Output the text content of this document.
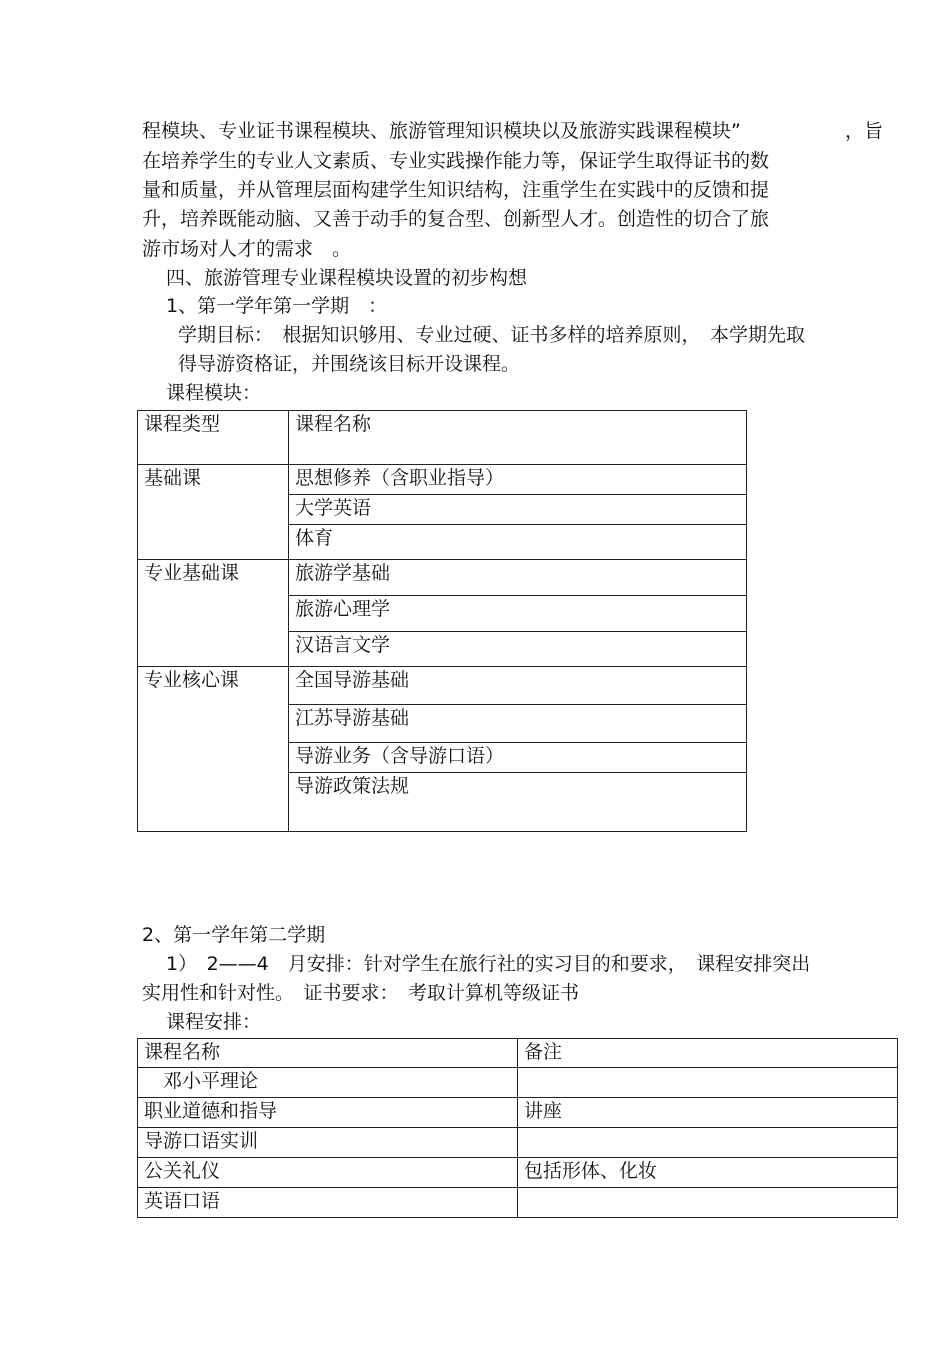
程模块、专业证书课程模块、旅游管理知识模块以及旅游实践课程模块”	，旨
在培养学生的专业人文素质、专业实践操作能力等，保证学生取得证书的数
量和质量，并从管理层面构建学生知识结构，注重学生在实践中的反馈和提
升，培养既能动脑、又善于动手的复合型、创新型人才。创造性的切合了旅
游市场对人才的需求　。
四、旅游管理专业课程模块设置的初步构想
1、第一学年第一学期　：
学期目标：　根据知识够用、专业过硬、证书多样的培养原则，　本学期先取
得导游资格证，并围绕该目标开设课程。
课程模块：
课程类型	课程名称
基础课	思想修养（含职业指导）
	大学英语
	体育
专业基础课	旅游学基础
	旅游心理学
	汉语言文学
专业核心课	全国导游基础
	江苏导游基础
	导游业务（含导游口语）
	导游政策法规
2、第一学年第二学期
1）　2——4　月安排：针对学生在旅行社的实习目的和要求，　课程安排突出
实用性和针对性。　证书要求：　考取计算机等级证书
课程安排：
课程名称	备注
　邓小平理论	
职业道德和指导	讲座
导游口语实训	
公关礼仪	包括形体、化妆
英语口语	
